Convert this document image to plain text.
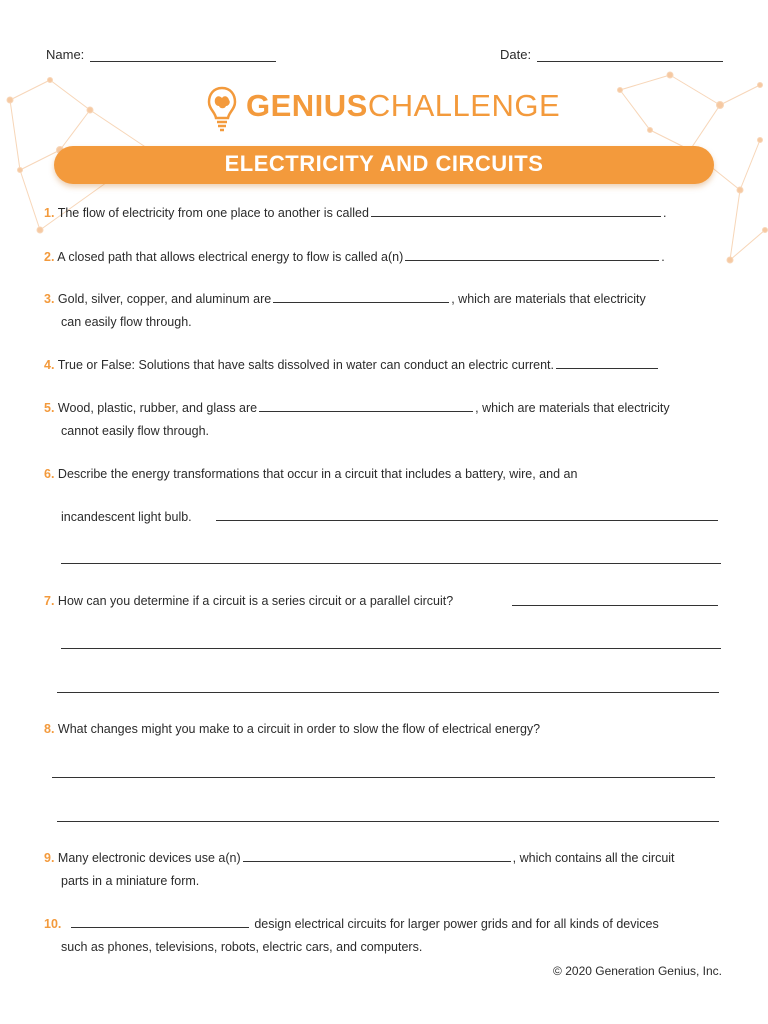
Name:	Date:
GENIUSCHALLENGE
ELECTRICITY AND CIRCUITS
1. The flow of electricity from one place to another is called	.
2. A closed path that allows electrical energy to flow is called a(n)	.
3. Gold, silver, copper, and aluminum are	, which are materials that electricity
can easily flow through.
4. True or False: Solutions that have salts dissolved in water can conduct an electric current.
5. Wood, plastic, rubber, and glass are	, which are materials that electricity
cannot easily flow through.
6. Describe the energy transformations that occur in a circuit that includes a battery, wire, and an
incandescent light bulb.
7. How can you determine if a circuit is a series circuit or a parallel circuit?
8. What changes might you make to a circuit in order to slow the flow of electrical energy?
9. Many electronic devices use a(n)	, which contains all the circuit
parts in a miniature form.
10.	design electrical circuits for larger power grids and for all kinds of devices
such as phones, televisions, robots, electric cars, and computers.
© 2020 Generation Genius, Inc.
